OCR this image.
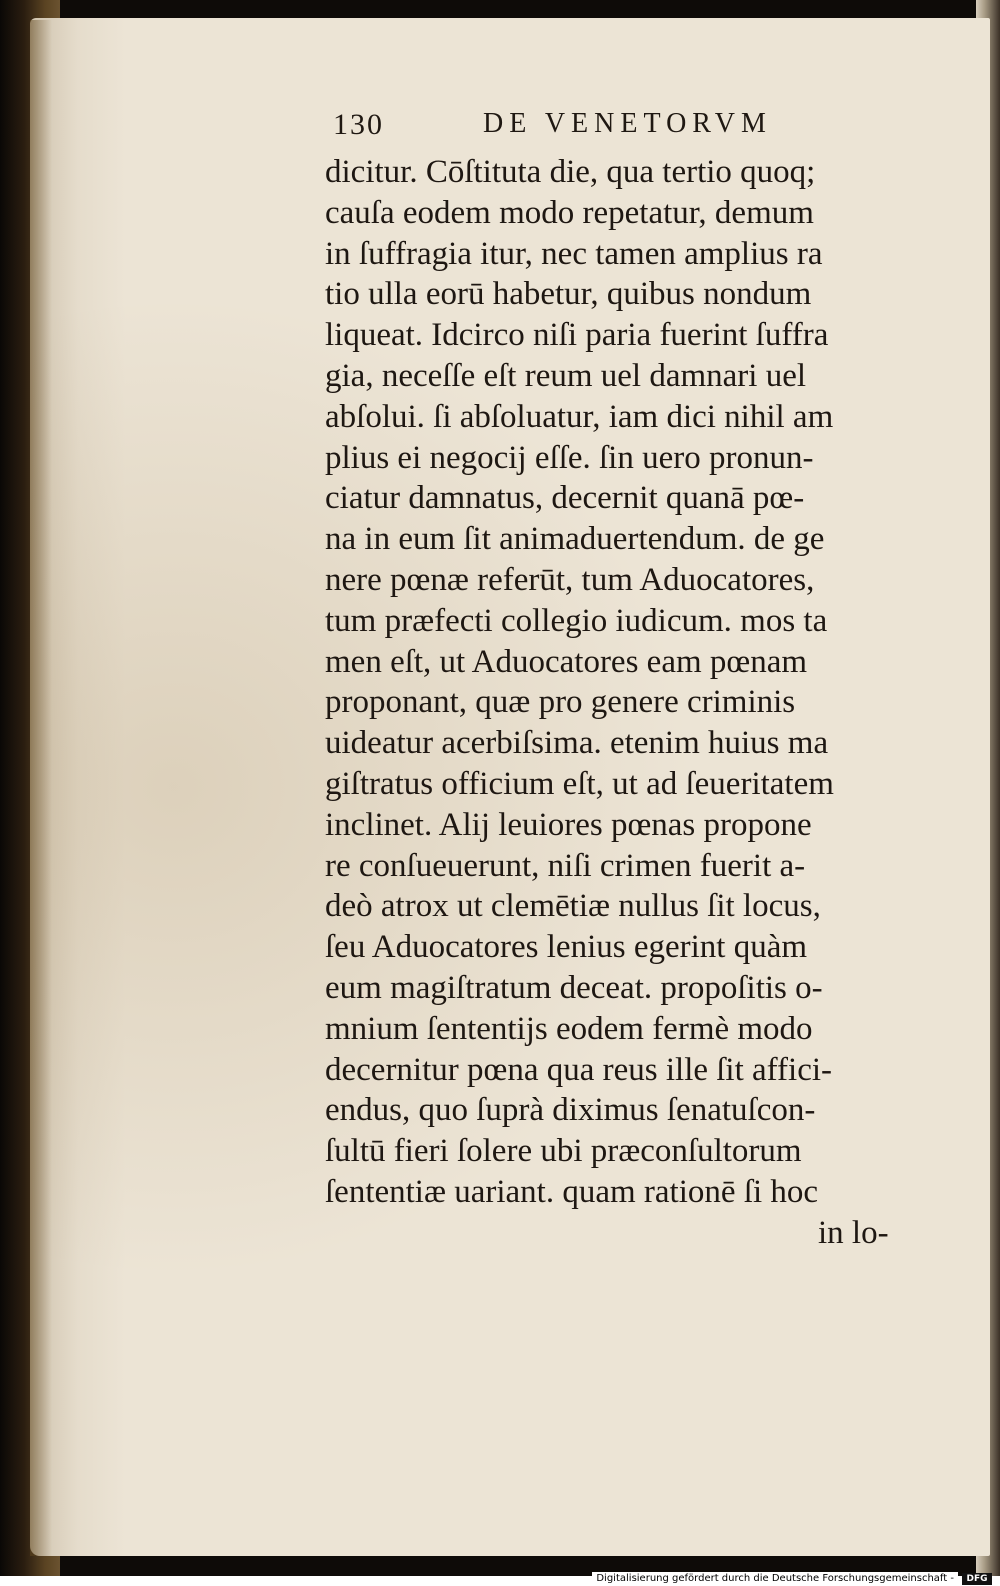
130	DE VENETORVM
dicitur. Cōſtituta die, qua tertio quoq;
cauſa eodem modo repetatur, demum
in ſuffragia itur, nec tamen amplius ra
tio ulla eorū habetur, quibus nondum
liqueat. Idcirco niſi paria fuerint ſuffra
gia, neceſſe eſt reum uel damnari uel
abſolui. ſi abſoluatur, iam dici nihil am
plius ei negocij eſſe. ſin uero pronun-
ciatur damnatus, decernit quanā pœ-
na in eum ſit animaduertendum. de ge
nere pœnæ referūt, tum Aduocatores,
tum præfecti collegio iudicum. mos ta
men eſt, ut Aduocatores eam pœnam
proponant, quæ pro genere criminis
uideatur acerbiſsima. etenim huius ma
giſtratus officium eſt, ut ad ſeueritatem
inclinet. Alij leuiores pœnas propone
re conſueuerunt, niſi crimen fuerit a-
deò atrox ut clemētiæ nullus ſit locus,
ſeu Aduocatores lenius egerint quàm
eum magiſtratum deceat. propoſitis o-
mnium ſententijs eodem fermè modo
decernitur pœna qua reus ille ſit affici-
endus, quo ſuprà diximus ſenatuſcon-
ſultū fieri ſolere ubi præconſultorum
ſententiæ uariant. quam rationē ſi hoc
in lo-
Digitalisierung gefördert durch die Deutsche Forschungsgemeinschaft -	DFG
